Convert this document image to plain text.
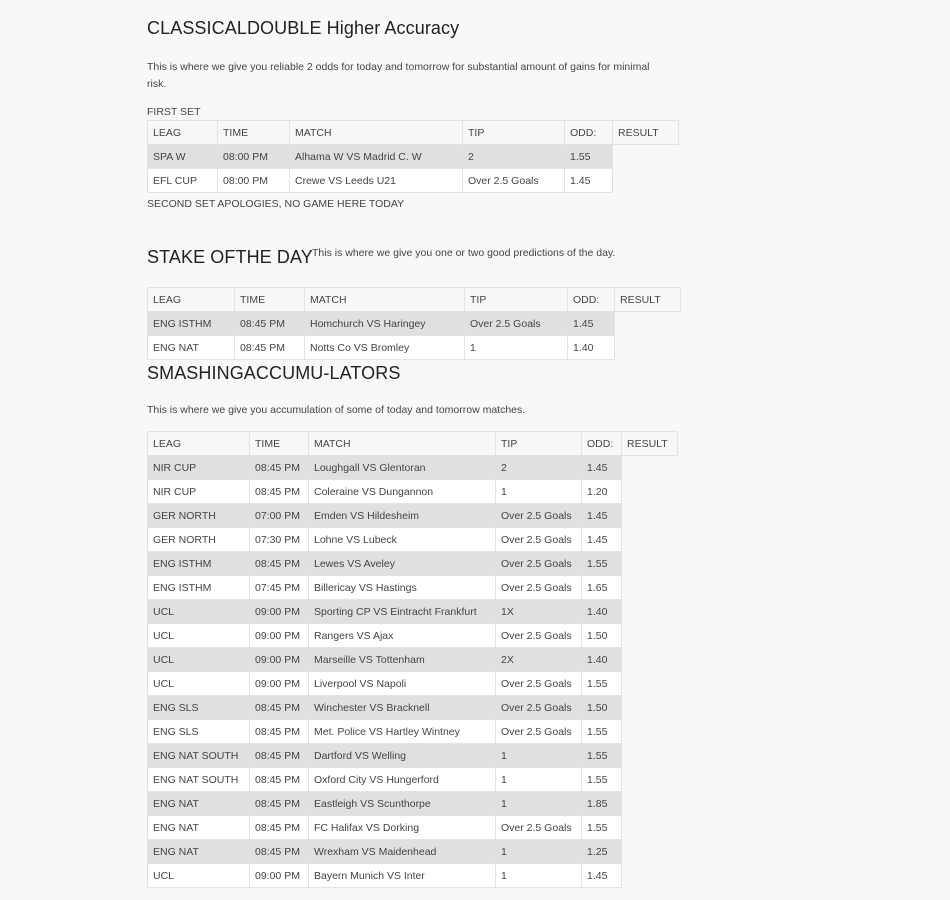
CLASSICALDOUBLE Higher Accuracy

This is where we give you reliable 2 odds for today and tomorrow for substantial amount of gains for minimal risk.

FIRST SET

LEAG	TIME	MATCH	TIP	ODD:	RESULT
SPA W	08:00 PM	Alhama W VS Madrid C. W	2	1.55	
EFL CUP	08:00 PM	Crewe VS Leeds U21	Over 2.5 Goals	1.45	

SECOND SET APOLOGIES, NO GAME HERE TODAY

STAKE OFTHE DAY This is where we give you one or two good predictions of the day.

LEAG	TIME	MATCH	TIP	ODD:	RESULT
ENG ISTHM	08:45 PM	Homchurch VS Haringey	Over 2.5 Goals	1.45	
ENG NAT	08:45 PM	Notts Co VS Bromley	1	1.40	
SMASHINGACCUMU-LATORS

This is where we give you accumulation of some of today and tomorrow matches.

LEAG	TIME	MATCH	TIP	ODD:	RESULT
NIR CUP	08:45 PM	Loughgall VS Glentoran	2	1.45	
NIR CUP	08:45 PM	Coleraine VS Dungannon	1	1.20	
GER NORTH	07:00 PM	Emden VS Hildesheim	Over 2.5 Goals	1.45	
GER NORTH	07:30 PM	Lohne VS Lubeck	Over 2.5 Goals	1.45	
ENG ISTHM	08:45 PM	Lewes VS Aveley	Over 2.5 Goals	1.55	
ENG ISTHM	07:45 PM	Billericay VS Hastings	Over 2.5 Goals	1.65	
UCL	09:00 PM	Sporting CP VS Eintracht Frankfurt	1X	1.40	
UCL	09:00 PM	Rangers VS Ajax	Over 2.5 Goals	1.50	
UCL	09:00 PM	Marseille VS Tottenham	2X	1.40	
UCL	09:00 PM	Liverpool VS Napoli	Over 2.5 Goals	1.55	
ENG SLS	08:45 PM	Winchester VS Bracknell	Over 2.5 Goals	1.50	
ENG SLS	08:45 PM	Met. Police VS Hartley Wintney	Over 2.5 Goals	1.55	
ENG NAT SOUTH	08:45 PM	Dartford VS Welling	1	1.55	
ENG NAT SOUTH	08:45 PM	Oxford City VS Hungerford	1	1.55	
ENG NAT	08:45 PM	Eastleigh VS Scunthorpe	1	1.85	
ENG NAT	08:45 PM	FC Halifax VS Dorking	Over 2.5 Goals	1.55	
ENG NAT	08:45 PM	Wrexham VS Maidenhead	1	1.25	
UCL	09:00 PM	Bayern Munich VS Inter	1	1.45	
